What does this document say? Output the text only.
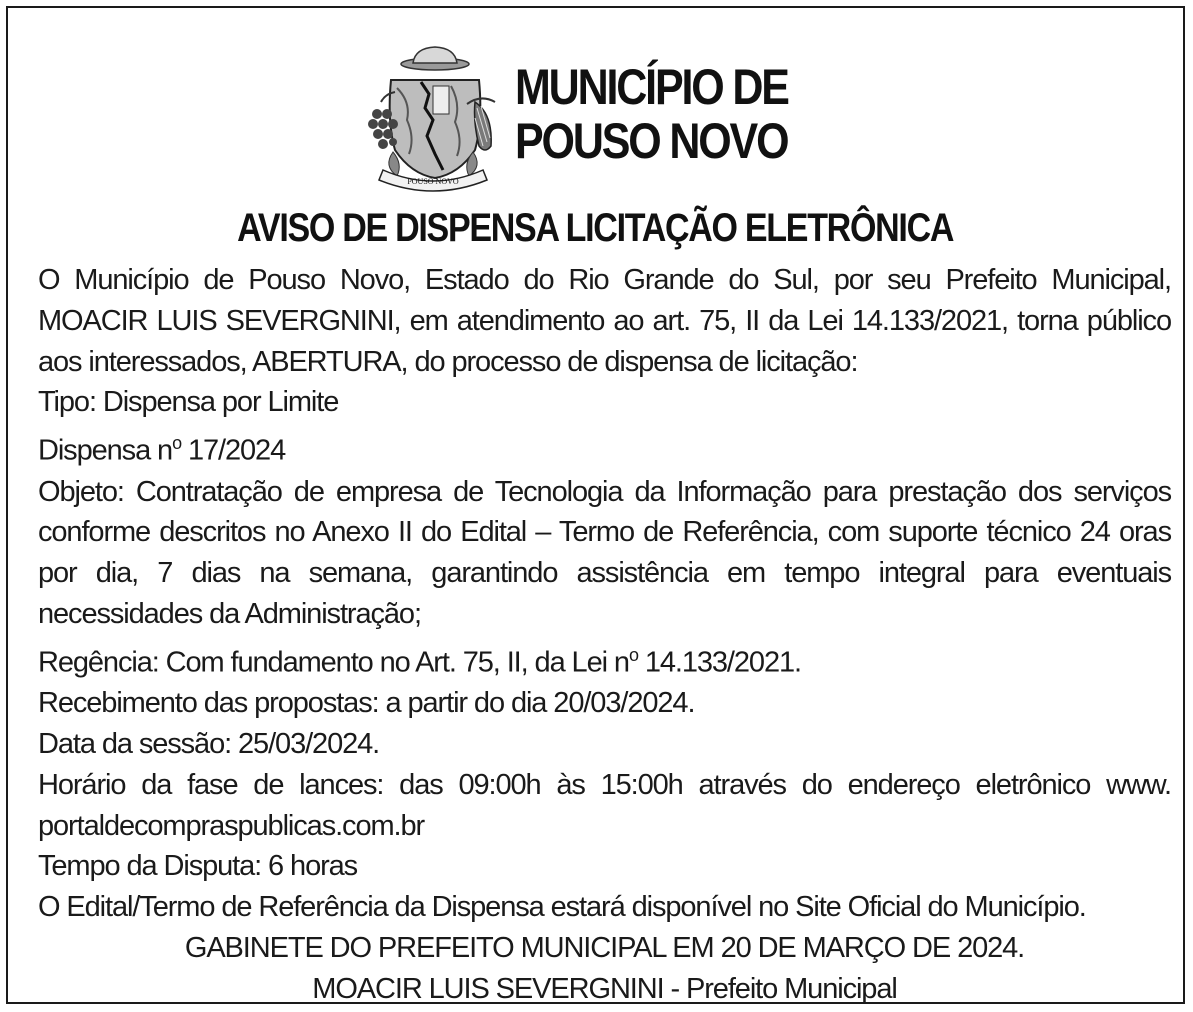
POUSO NOVO
MUNICÍPIO DE
POUSO NOVO
AVISO DE DISPENSA LICITAÇÃO ELETRÔNICA

O Município de Pouso Novo, Estado do Rio Grande do Sul, por seu Prefeito Municipal, MOACIR LUIS SEVERGNINI, em atendimento ao art. 75, II da Lei 14.133/2021, torna público aos interessados, ABERTURA, do processo de dispensa de licitação:

Tipo: Dispensa por Limite

Dispensa $n^o$ 17/2024

Objeto: Contratação de empresa de Tecnologia da Informação para prestação dos serviços conforme descritos no Anexo II do Edital – Termo de Referência, com suporte técnico 24 oras por dia, 7 dias na semana, garantindo assistência em tempo integral para eventuais necessidades da Administração;

Regência: Com fundamento no Art. 75, II, da Lei $n^o$ 14.133/2021.

Recebimento das propostas: a partir do dia 20/03/2024.

Data da sessão: 25/03/2024.

Horário da fase de lances: das 09:00h às 15:00h através do endereço eletrônico www. portaldecompraspublicas.com.br

Tempo da Disputa: 6 horas

O Edital/Termo de Referência da Dispensa estará disponível no Site Oficial do Município.

GABINETE DO PREFEITO MUNICIPAL EM 20 DE MARÇO DE 2024.

MOACIR LUIS SEVERGNINI - Prefeito Municipal
